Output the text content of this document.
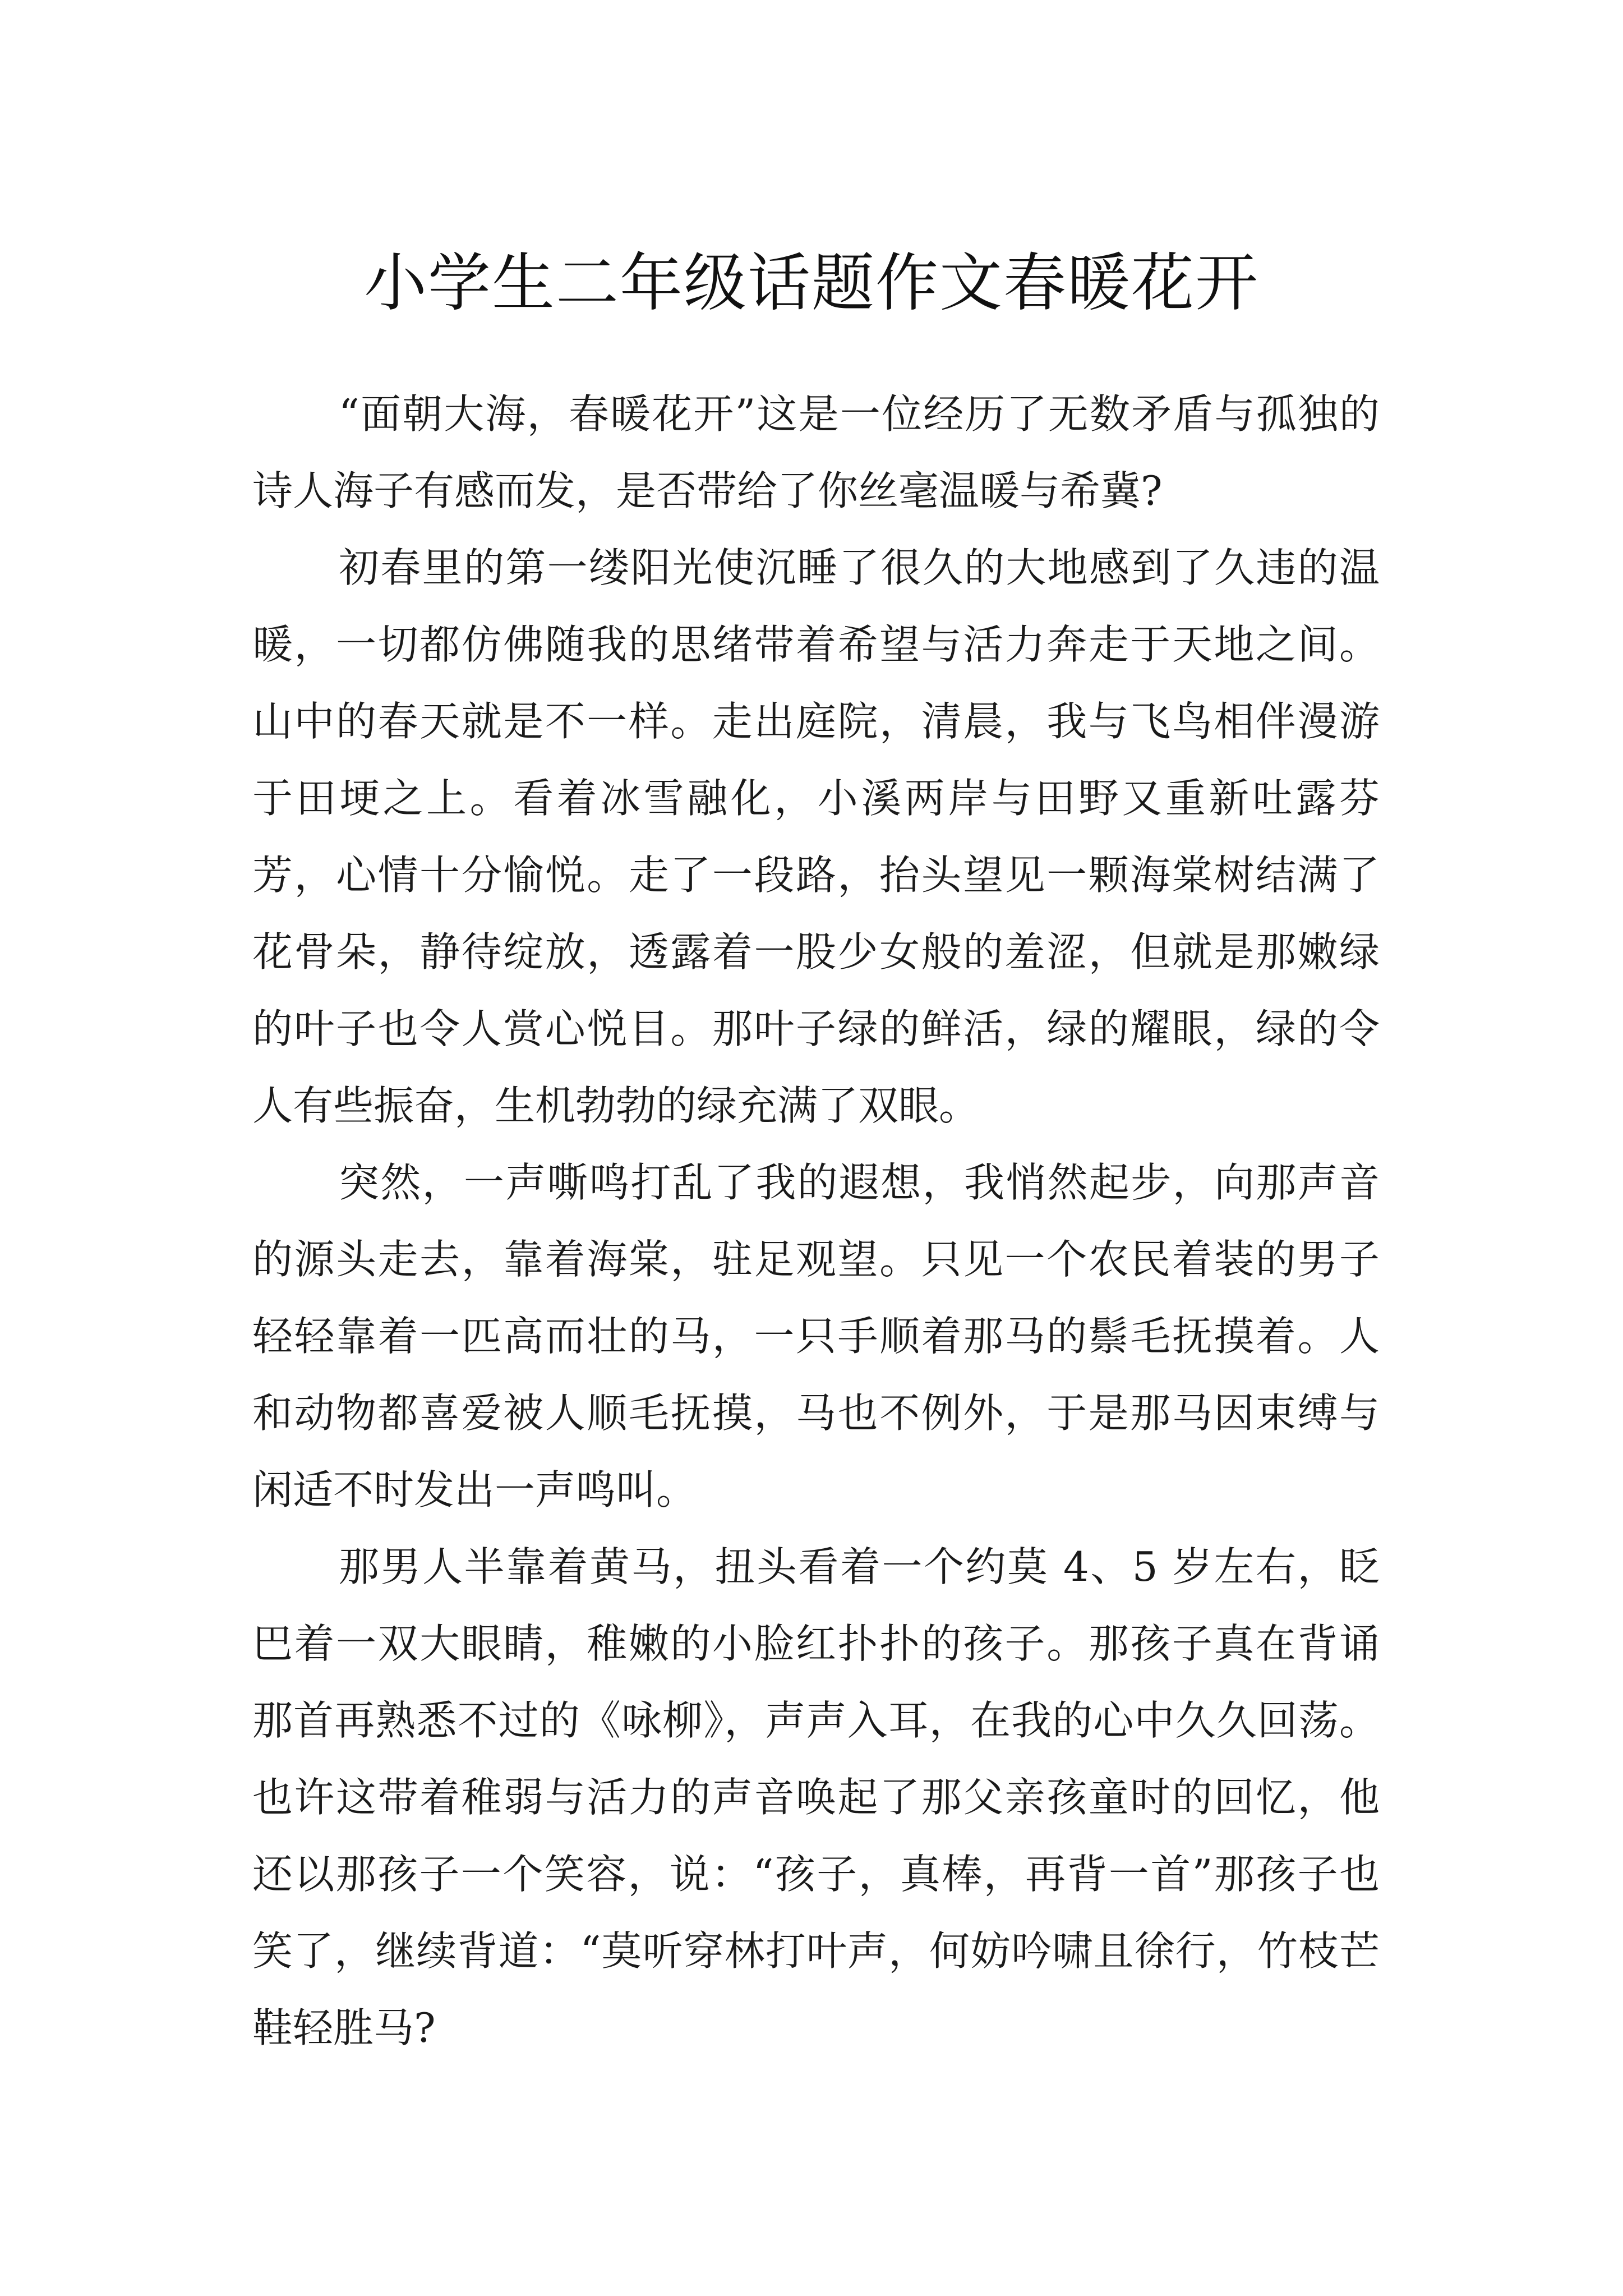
小学生二年级话题作文春暖花开

“面朝大海，春暖花开”这是一位经历了无数矛盾与孤独的诗人海子有感而发，是否带给了你丝毫温暖与希冀?

初春里的第一缕阳光使沉睡了很久的大地感到了久违的温暖，一切都仿佛随我的思绪带着希望与活力奔走于天地之间。山中的春天就是不一样。走出庭院，清晨，我与飞鸟相伴漫游于田埂之上。看着冰雪融化，小溪两岸与田野又重新吐露芬芳，心情十分愉悦。走了一段路，抬头望见一颗海棠树结满了花骨朵，静待绽放，透露着一股少女般的羞涩，但就是那嫩绿的叶子也令人赏心悦目。那叶子绿的鲜活，绿的耀眼，绿的令人有些振奋，生机勃勃的绿充满了双眼。

突然，一声嘶鸣打乱了我的遐想，我悄然起步，向那声音的源头走去，靠着海棠，驻足观望。只见一个农民着装的男子轻轻靠着一匹高而壮的马，一只手顺着那马的鬃毛抚摸着。人和动物都喜爱被人顺毛抚摸，马也不例外，于是那马因束缚与闲适不时发出一声鸣叫。

那男人半靠着黄马，扭头看着一个约莫 4、5 岁左右，眨巴着一双大眼睛，稚嫩的小脸红扑扑的孩子。那孩子真在背诵那首再熟悉不过的《咏柳》，声声入耳，在我的心中久久回荡。也许这带着稚弱与活力的声音唤起了那父亲孩童时的回忆，他还以那孩子一个笑容，说：“孩子，真棒，再背一首”那孩子也笑了，继续背道：“莫听穿林打叶声，何妨吟啸且徐行，竹枝芒鞋轻胜马?
